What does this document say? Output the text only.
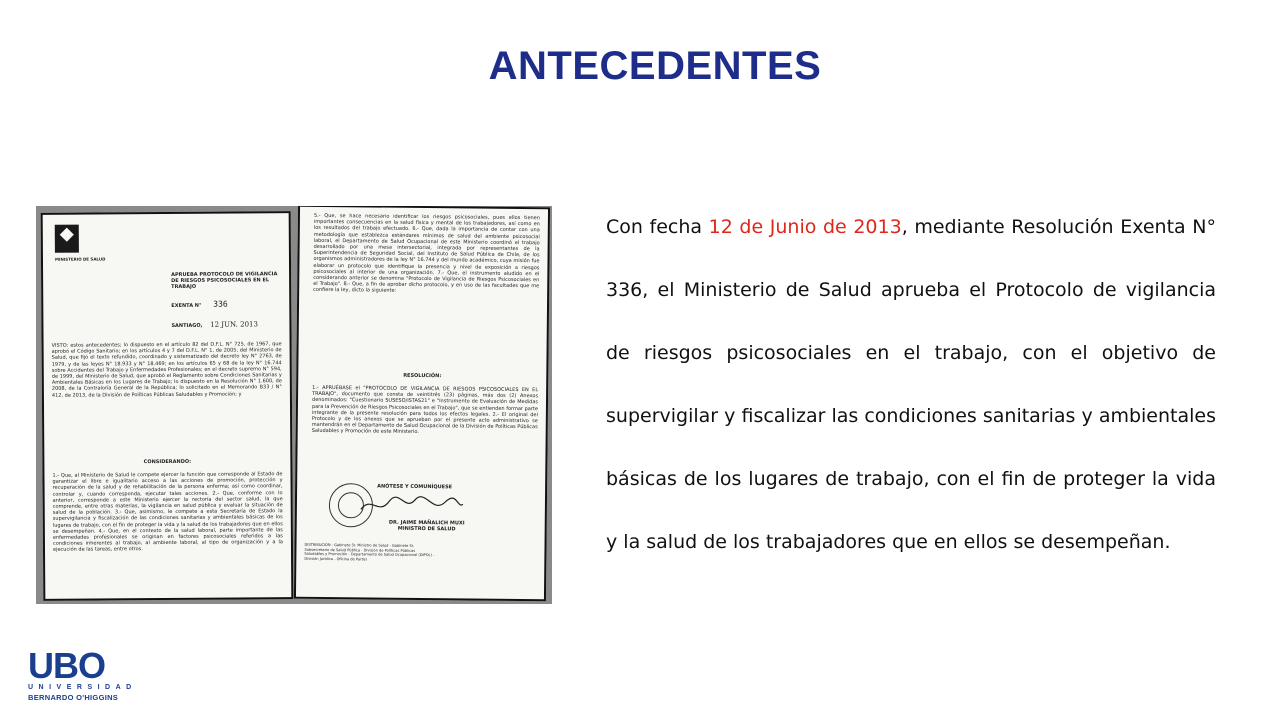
ANTECEDENTES
MINISTERIO DE SALUD
APRUEBA PROTOCOLO DE VIGILANCIA DE RIESGOS PSICOSOCIALES EN EL TRABAJO
EXENTA N° 336
SANTIAGO, 12 JUN. 2013
VISTO: estos antecedentes; lo dispuesto en el artículo 82 del D.F.L. N° 725, de 1967, que aprobó el Código Sanitario; en los artículos 4 y 7 del D.F.L. N° 1, de 2005, del Ministerio de Salud, que fijó el texto refundido, coordinado y sistematizado del decreto ley N° 2763, de 1979, y de las leyes N° 18.933 y N° 18.469; en los artículos 65 y 68 de la ley N° 16.744 sobre Accidentes del Trabajo y Enfermedades Profesionales; en el decreto supremo N° 594, de 1999, del Ministerio de Salud, que aprobó el Reglamento sobre Condiciones Sanitarias y Ambientales Básicas en los Lugares de Trabajo; lo dispuesto en la Resolución N° 1.600, de 2008, de la Contraloría General de la República; lo solicitado en el Memorando B33 / N° 412, de 2013, de la División de Políticas Públicas Saludables y Promoción; y
CONSIDERANDO:
1.- Que, al Ministerio de Salud le compete ejercer la función que corresponde al Estado de garantizar el libre e igualitario acceso a las acciones de promoción, protección y recuperación de la salud y de rehabilitación de la persona enferma; así como coordinar, controlar y, cuando corresponda, ejecutar tales acciones. 2.- Que, conforme con lo anterior, corresponde a este Ministerio ejercer la rectoría del sector salud, la que comprende, entre otras materias, la vigilancia en salud pública y evaluar la situación de salud de la población. 3.- Que, asimismo, le compete a esta Secretaría de Estado la supervigilancia y fiscalización de las condiciones sanitarias y ambientales básicas de los lugares de trabajo, con el fin de proteger la vida y la salud de los trabajadores que en ellos se desempeñan. 4.- Que, en el contexto de la salud laboral, parte importante de las enfermedades profesionales se originan en factores psicosociales referidos a las condiciones inherentes al trabajo, al ambiente laboral, al tipo de organización y a la ejecución de las tareas, entre otros.
5.- Que, se hace necesario identificar los riesgos psicosociales, pues ellos tienen importantes consecuencias en la salud física y mental de los trabajadores, así como en los resultados del trabajo efectuado. 6.- Que, dada la importancia de contar con una metodología que establezca estándares mínimos de salud del ambiente psicosocial laboral, el Departamento de Salud Ocupacional de este Ministerio coordinó el trabajo desarrollado por una mesa intersectorial, integrada por representantes de la Superintendencia de Seguridad Social, del Instituto de Salud Pública de Chile, de los organismos administradores de la ley N° 16.744 y del mundo académico, cuya misión fue elaborar un protocolo que identifique la presencia y nivel de exposición a riesgos psicosociales al interior de una organización. 7.- Que, el instrumento aludido en el considerando anterior se denomina "Protocolo de Vigilancia de Riesgos Psicosociales en el Trabajo". 8.- Que, a fin de aprobar dicho protocolo, y en uso de las facultades que me confiere la ley, dicto la siguiente:
RESOLUCIÓN:
1.- APRUÉBASE el "PROTOCOLO DE VIGILANCIA DE RIESGOS PSICOSOCIALES EN EL TRABAJO", documento que consta de veintitrés (23) páginas, más dos (2) Anexos denominados: "Cuestionario SUSESO/ISTAS21" e "Instrumento de Evaluación de Medidas para la Prevención de Riesgos Psicosociales en el Trabajo", que se entienden formar parte integrante de la presente resolución para todos los efectos legales. 2.- El original del Protocolo y de los anexos que se aprueban por el presente acto administrativo se mantendrán en el Departamento de Salud Ocupacional de la División de Políticas Públicas Saludables y Promoción de este Ministerio.
ANÓTESE Y COMUNÍQUESE
DR. JAIME MAÑALICH MUXI
MINISTRO DE SALUD
DISTRIBUCIÓN - Gabinete Sr. Ministro de Salud - Gabinete Sr. Subsecretario de Salud Pública - División de Políticas Públicas Saludables y Promoción - Departamento de Salud Ocupacional (DIPOL) - División Jurídica - Oficina de Partes

Con fecha 12 de Junio de 2013, mediante Resolución Exenta N° 336, el Ministerio de Salud aprueba el Protocolo de vigilancia de riesgos psicosociales en el trabajo, con el objetivo de supervigilar y fiscalizar las condiciones sanitarias y ambientales básicas de los lugares de trabajo, con el fin de proteger la vida y la salud de los trabajadores que en ellos se desempeñan.

UBO
UNIVERSIDAD
BERNARDO O'HIGGINS
